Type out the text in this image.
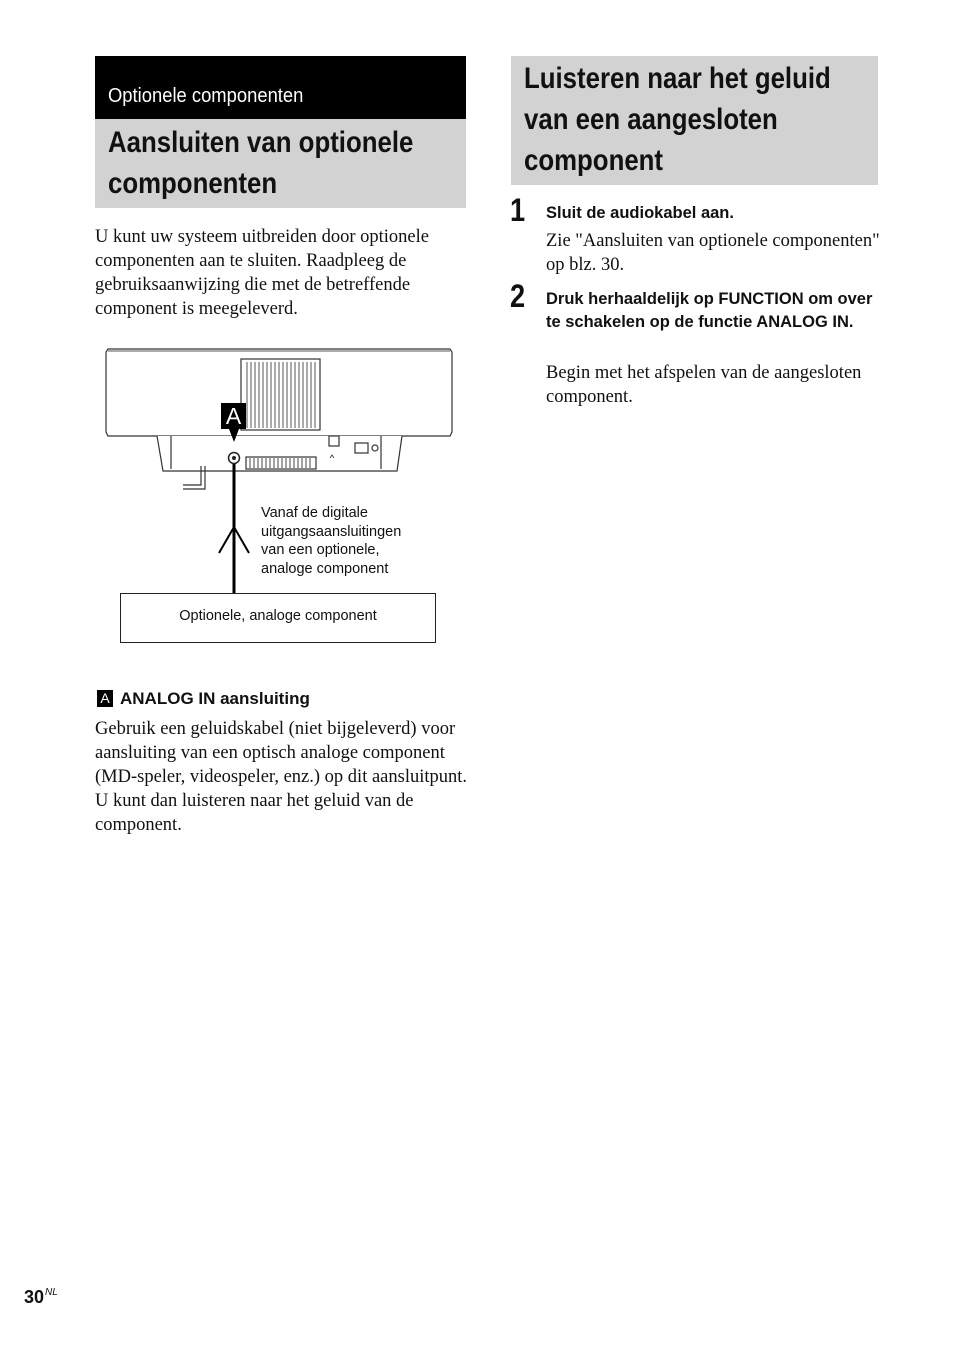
Optionele componenten
Aansluiten van optionele
componenten
U kunt uw systeem uitbreiden door optionele componenten aan te sluiten. Raadpleeg de gebruiksaanwijzing die met de betreffende component is meegeleverd.
A
Vanaf de digitale
uitgangsaansluitingen
van een optionele,
analoge component
Optionele, analoge component
A ANALOG IN aansluiting
Gebruik een geluidskabel (niet bijgeleverd) voor aansluiting van een optisch analoge component (MD-speler, videospeler, enz.) op dit aansluitpunt. U kunt dan luisteren naar het geluid van de component.
Luisteren naar het geluid
van een aangesloten
component
1 Sluit de audiokabel aan.
Zie "Aansluiten van optionele componenten" op blz. 30.
2 Druk herhaaldelijk op FUNCTION om over te schakelen op de functie ANALOG IN.
Begin met het afspelen van de aangesloten component.
$30^{NL}$
